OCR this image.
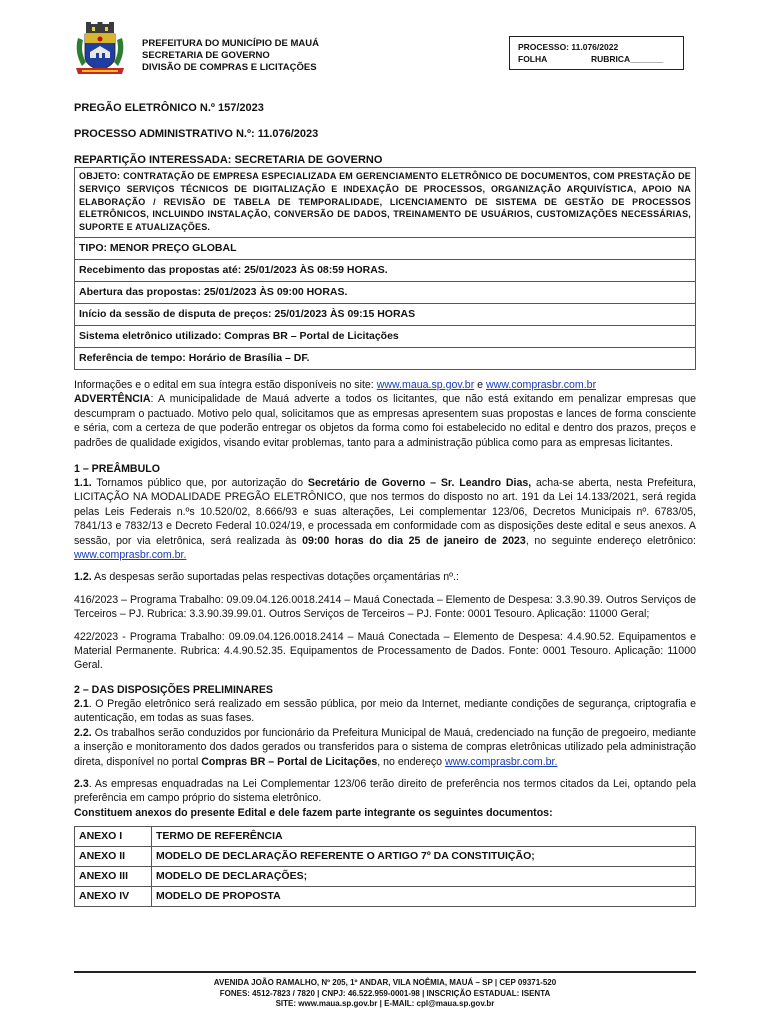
PREFEITURA DO MUNICÍPIO DE MAUÁ
SECRETARIA DE GOVERNO
DIVISÃO DE COMPRAS E LICITAÇÕES
PROCESSO: 11.076/2022
FOLHA	RUBRICA_______

PREGÃO ELETRÔNICO N.º 157/2023

PROCESSO ADMINISTRATIVO N.º: 11.076/2023

REPARTIÇÃO INTERESSADA: SECRETARIA DE GOVERNO

OBJETO: CONTRATAÇÃO DE EMPRESA ESPECIALIZADA EM GERENCIAMENTO ELETRÔNICO DE DOCUMENTOS, COM PRESTAÇÃO DE SERVIÇO SERVIÇOS TÉCNICOS DE DIGITALIZAÇÃO E INDEXAÇÃO DE PROCESSOS, ORGANIZAÇÃO ARQUIVÍSTICA, APOIO NA ELABORAÇÃO / REVISÃO DE TABELA DE TEMPORALIDADE, LICENCIAMENTO DE SISTEMA DE GESTÃO DE PROCESSOS ELETRÔNICOS, INCLUINDO INSTALAÇÃO, CONVERSÃO DE DADOS, TREINAMENTO DE USUÁRIOS, CUSTOMIZAÇÕES NECESSÁRIAS, SUPORTE E ATUALIZAÇÕES.
TIPO: MENOR PREÇO GLOBAL
Recebimento das propostas até: 25/01/2023 ÀS 08:59 HORAS.
Abertura das propostas: 25/01/2023 ÀS 09:00 HORAS.
Início da sessão de disputa de preços: 25/01/2023 ÀS 09:15 HORAS
Sistema eletrônico utilizado: Compras BR – Portal de Licitações
Referência de tempo: Horário de Brasília – DF.

Informações e o edital em sua íntegra estão disponíveis no site: www.maua.sp.gov.br e www.comprasbr.com.br

ADVERTÊNCIA: A municipalidade de Mauá adverte a todos os licitantes, que não está exitando em penalizar empresas que descumpram o pactuado. Motivo pelo qual, solicitamos que as empresas apresentem suas propostas e lances de forma consciente e séria, com a certeza de que poderão entregar os objetos da forma como foi estabelecido no edital e dentro dos prazos, preços e padrões de qualidade exigidos, visando evitar problemas, tanto para a administração pública como para as empresas licitantes.

1 – PREÂMBULO

1.1. Tornamos público que, por autorização do Secretário de Governo – Sr. Leandro Dias, acha-se aberta, nesta Prefeitura, LICITAÇÃO NA MODALIDADE PREGÃO ELETRÔNICO, que nos termos do disposto no art. 191 da Lei 14.133/2021, será regida pelas Leis Federais n.ºs 10.520/02, 8.666/93 e suas alterações, Lei complementar 123/06, Decretos Municipais nº. 6783/05, 7841/13 e 7832/13 e Decreto Federal 10.024/19, e processada em conformidade com as disposições deste edital e seus anexos. A sessão, por via eletrônica, será realizada às 09:00 horas do dia 25 de janeiro de 2023, no seguinte endereço eletrônico: www.comprasbr.com.br.

1.2. As despesas serão suportadas pelas respectivas dotações orçamentárias nº.:

416/2023 – Programa Trabalho: 09.09.04.126.0018.2414 – Mauá Conectada – Elemento de Despesa: 3.3.90.39. Outros Serviços de Terceiros – PJ. Rubrica: 3.3.90.39.99.01. Outros Serviços de Terceiros – PJ. Fonte: 0001 Tesouro. Aplicação: 11000 Geral;

422/2023 - Programa Trabalho: 09.09.04.126.0018.2414 – Mauá Conectada – Elemento de Despesa: 4.4.90.52. Equipamentos e Material Permanente. Rubrica: 4.4.90.52.35. Equipamentos de Processamento de Dados. Fonte: 0001 Tesouro. Aplicação: 11000 Geral.

2 – DAS DISPOSIÇÕES PRELIMINARES

2.1. O Pregão eletrônico será realizado em sessão pública, por meio da Internet, mediante condições de segurança, criptografia e autenticação, em todas as suas fases.

2.2. Os trabalhos serão conduzidos por funcionário da Prefeitura Municipal de Mauá, credenciado na função de pregoeiro, mediante a inserção e monitoramento dos dados gerados ou transferidos para o sistema de compras eletrônicas utilizado pela administração direta, disponível no portal Compras BR – Portal de Licitações, no endereço www.comprasbr.com.br.

2.3. As empresas enquadradas na Lei Complementar 123/06 terão direito de preferência nos termos citados da Lei, optando pela preferência em campo próprio do sistema eletrônico.

Constituem anexos do presente Edital e dele fazem parte integrante os seguintes documentos:

ANEXO I	TERMO DE REFERÊNCIA
ANEXO II	MODELO DE DECLARAÇÃO REFERENTE O ARTIGO 7º DA CONSTITUIÇÃO;
ANEXO III	MODELO DE DECLARAÇÕES;
ANEXO IV	MODELO DE PROPOSTA
AVENIDA JOÃO RAMALHO, Nº 205, 1º ANDAR, VILA NOÊMIA, MAUÁ – SP | CEP 09371-520
FONES: 4512-7823 / 7820 | CNPJ: 46.522.959-0001-98 | INSCRIÇÃO ESTADUAL: ISENTA
SITE: www.maua.sp.gov.br | E-MAIL: cpl@maua.sp.gov.br
